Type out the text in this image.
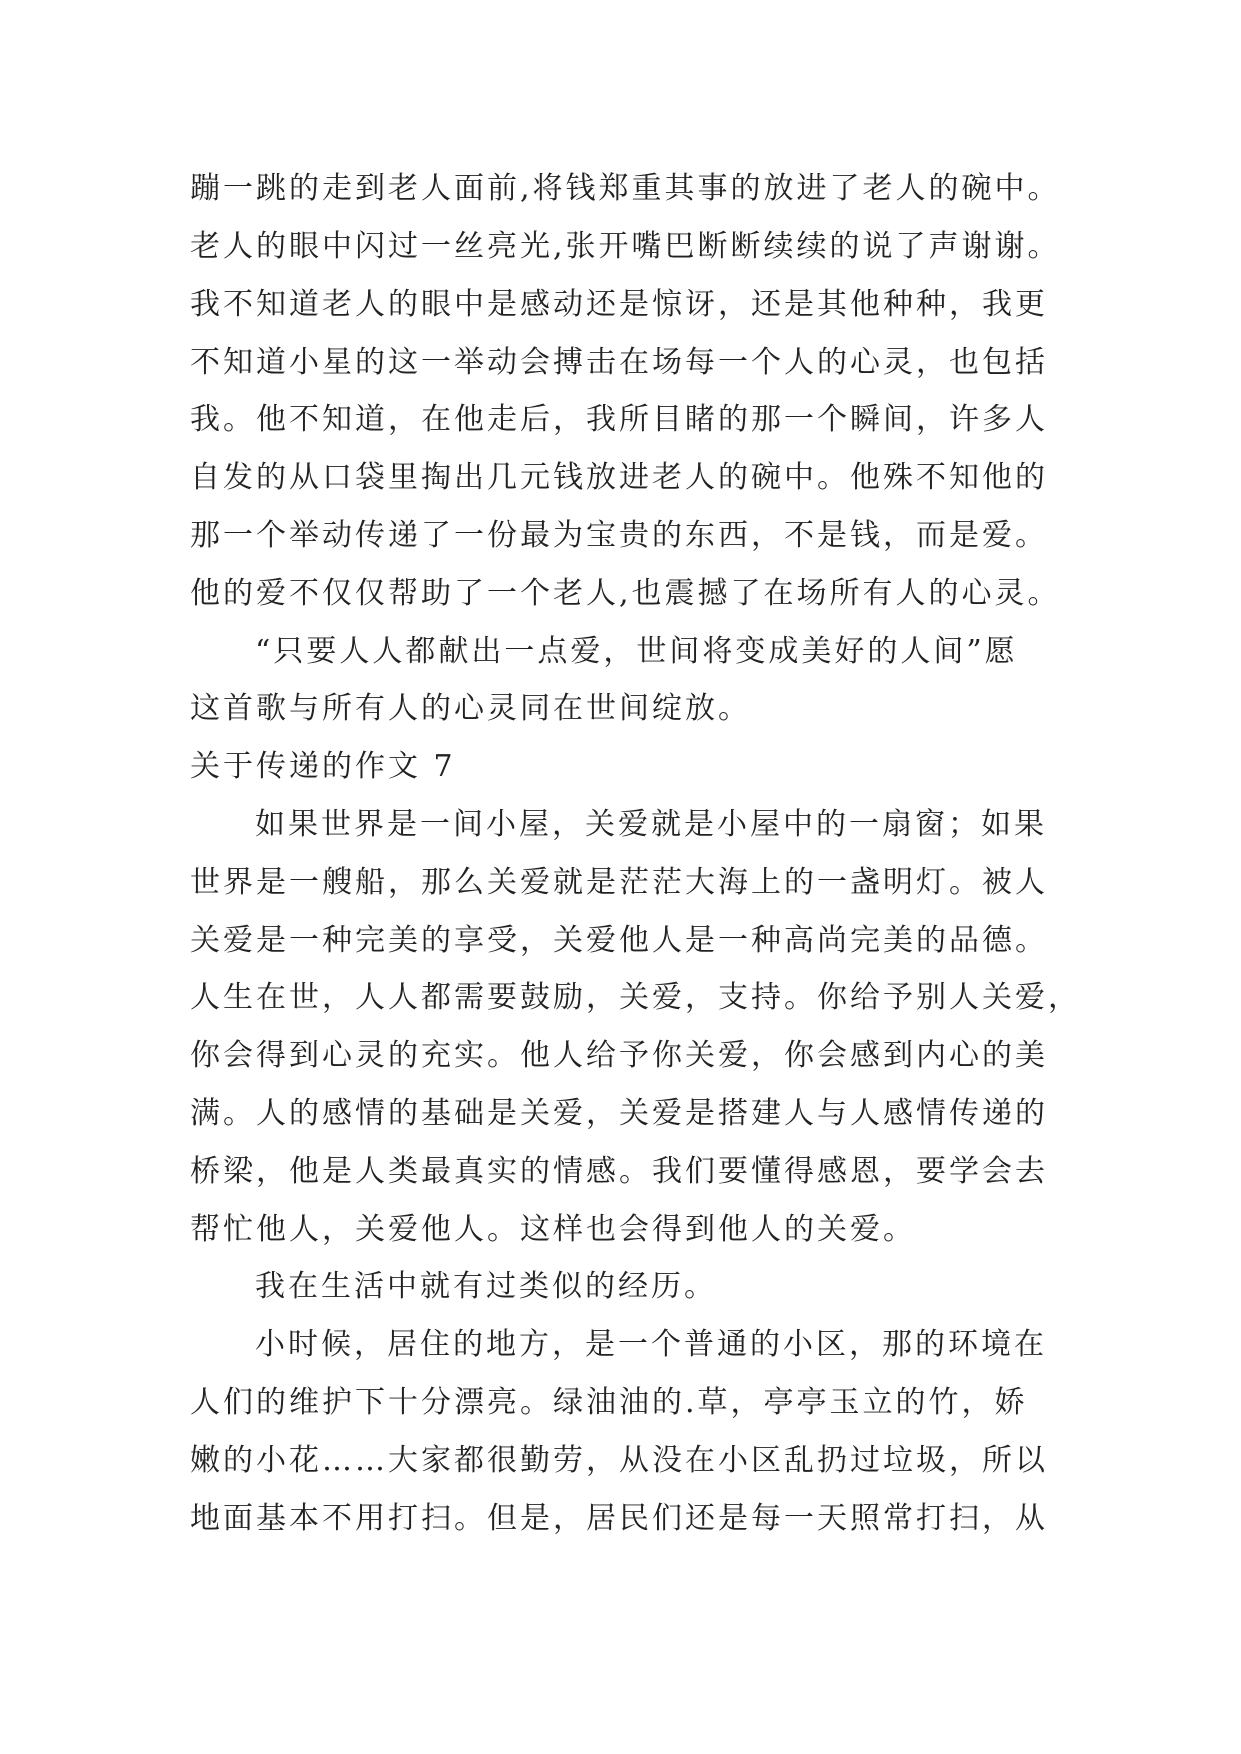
蹦一跳的走到老人面前,将钱郑重其事的放进了老人的碗中。
老人的眼中闪过一丝亮光,张开嘴巴断断续续的说了声谢谢。
我不知道老人的眼中是感动还是惊讶，还是其他种种，我更
不知道小星的这一举动会搏击在场每一个人的心灵，也包括
我。他不知道，在他走后，我所目睹的那一个瞬间，许多人
自发的从口袋里掏出几元钱放进老人的碗中。他殊不知他的
那一个举动传递了一份最为宝贵的东西，不是钱，而是爱。
他的爱不仅仅帮助了一个老人,也震撼了在场所有人的心灵。
“只要人人都献出一点爱，世间将变成美好的人间”愿
这首歌与所有人的心灵同在世间绽放。
关于传递的作文 7
如果世界是一间小屋，关爱就是小屋中的一扇窗；如果
世界是一艘船，那么关爱就是茫茫大海上的一盏明灯。被人
关爱是一种完美的享受，关爱他人是一种高尚完美的品德。
人生在世，人人都需要鼓励，关爱，支持。你给予别人关爱，
你会得到心灵的充实。他人给予你关爱，你会感到内心的美
满。人的感情的基础是关爱，关爱是搭建人与人感情传递的
桥梁，他是人类最真实的情感。我们要懂得感恩，要学会去
帮忙他人，关爱他人。这样也会得到他人的关爱。
我在生活中就有过类似的经历。
小时候，居住的地方，是一个普通的小区，那的环境在
人们的维护下十分漂亮。绿油油的.草，亭亭玉立的竹，娇
嫩的小花……大家都很勤劳，从没在小区乱扔过垃圾，所以
地面基本不用打扫。但是，居民们还是每一天照常打扫，从
